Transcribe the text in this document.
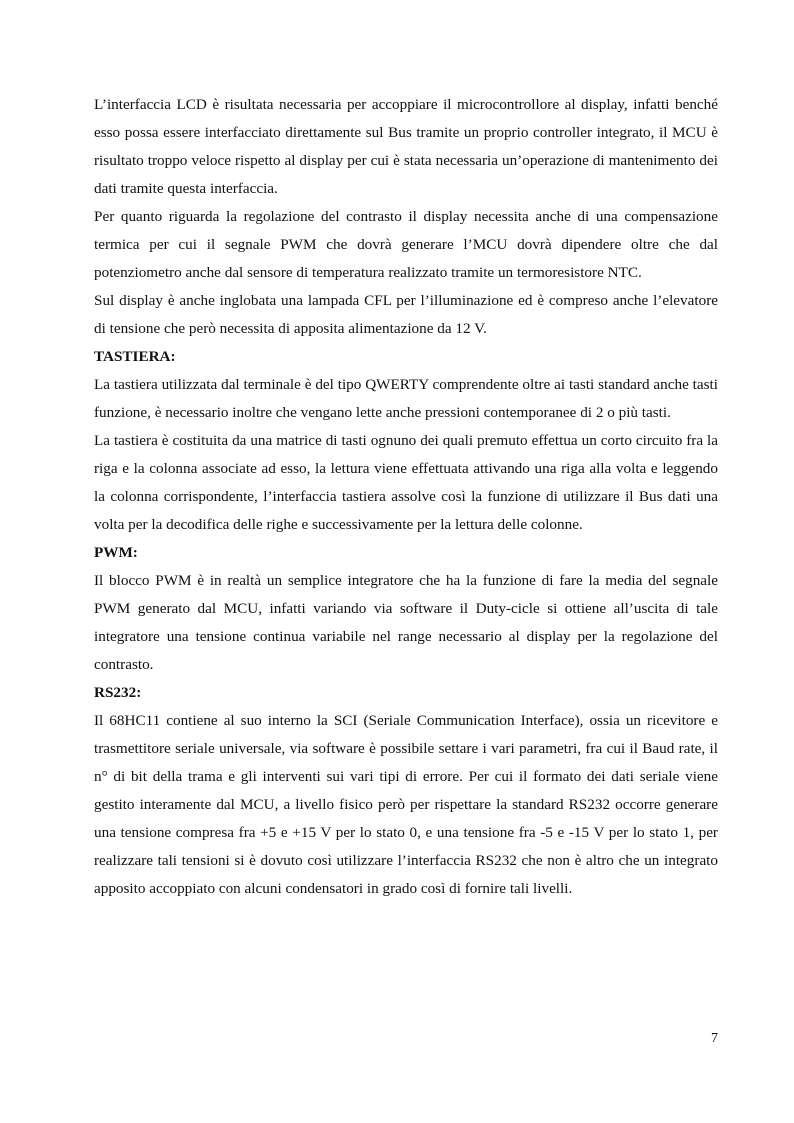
L’interfaccia LCD è risultata necessaria per accoppiare il microcontrollore al display, infatti benché esso possa essere interfacciato direttamente sul Bus tramite un proprio controller integrato, il MCU è risultato troppo veloce rispetto al display per cui è stata necessaria un’operazione di mantenimento dei dati tramite questa interfaccia.

Per quanto riguarda la regolazione del contrasto il display necessita anche di una compensazione termica per cui il segnale PWM che dovrà generare l’MCU dovrà dipendere oltre che dal potenziometro anche dal sensore di temperatura realizzato tramite un termoresistore NTC.

Sul display è anche inglobata una lampada CFL per l’illuminazione ed è compreso anche l’elevatore di tensione che però necessita di apposita alimentazione da 12 V.

TASTIERA:

La tastiera utilizzata dal terminale è del tipo QWERTY comprendente oltre ai tasti standard anche tasti funzione, è necessario inoltre che vengano lette anche pressioni contemporanee di 2 o più tasti.

La tastiera è costituita da una matrice di tasti ognuno dei quali premuto effettua un corto circuito fra la riga e la colonna associate ad esso, la lettura viene effettuata attivando una riga alla volta e leggendo la colonna corrispondente, l’interfaccia tastiera assolve così la funzione di utilizzare il Bus dati una volta per la decodifica delle righe e successivamente per la lettura delle colonne.

PWM:

Il blocco PWM è in realtà un semplice integratore che ha la funzione di fare la media del segnale PWM generato dal MCU, infatti variando via software il Duty-cicle si ottiene all’uscita di tale integratore una tensione continua variabile nel range necessario al display per la regolazione del contrasto.

RS232:

Il 68HC11 contiene al suo interno la SCI (Seriale Communication Interface), ossia un ricevitore e trasmettitore seriale universale, via software è possibile settare i vari parametri, fra cui il Baud rate, il n° di bit della trama e gli interventi sui vari tipi di errore. Per cui il formato dei dati seriale viene gestito interamente dal MCU, a livello fisico però per rispettare la standard RS232 occorre generare una tensione compresa fra +5 e +15 V per lo stato 0, e una tensione fra -5 e -15 V per lo stato 1, per realizzare tali tensioni si è dovuto così utilizzare l’interfaccia RS232 che non è altro che un integrato apposito accoppiato con alcuni condensatori in grado così di fornire tali livelli.

7
